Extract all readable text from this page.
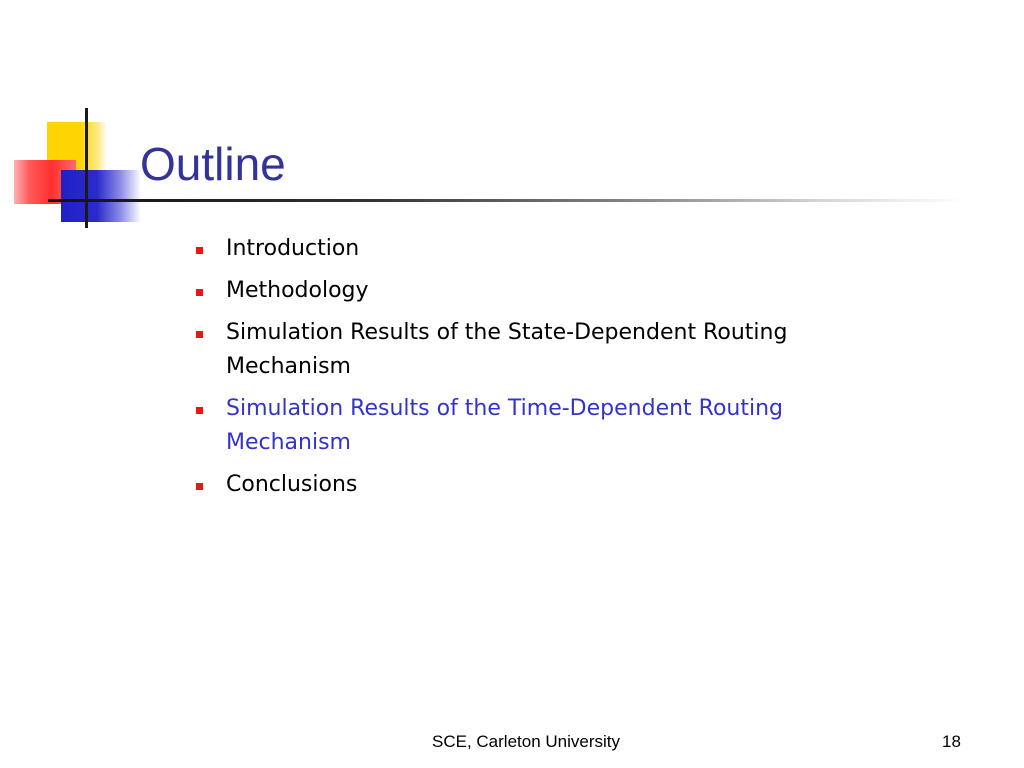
Outline
Introduction
Methodology
Simulation Results of the State-Dependent Routing Mechanism
Simulation Results of the Time-Dependent Routing Mechanism
Conclusions
SCE, Carleton University	18
